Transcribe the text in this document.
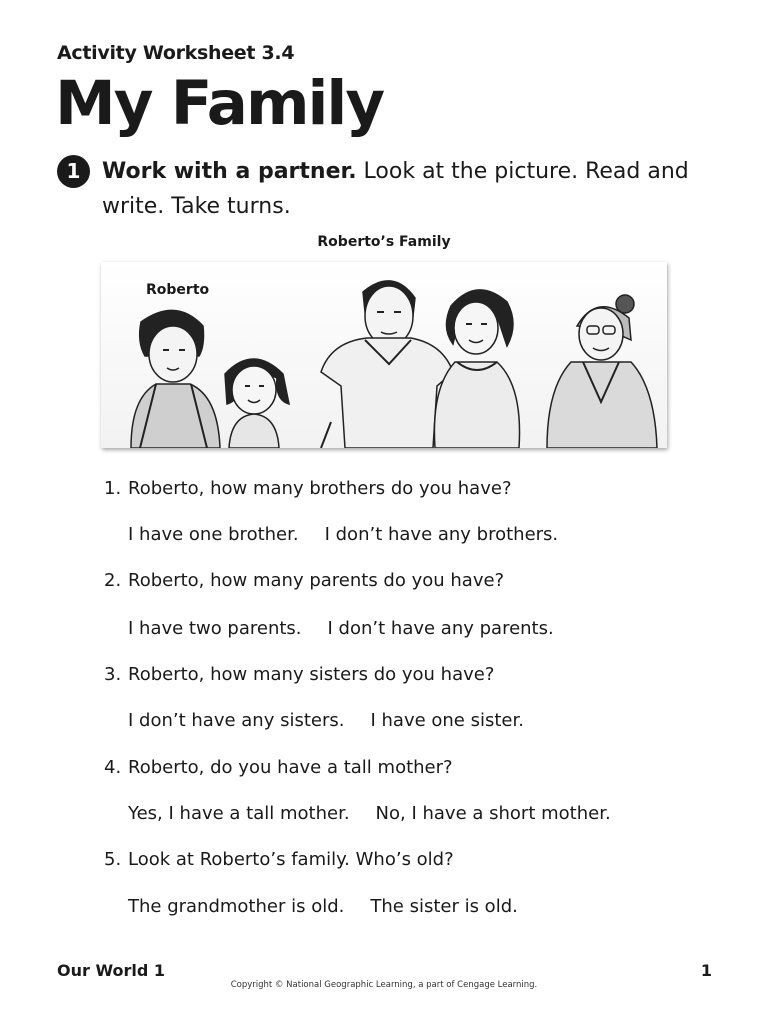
Activity Worksheet 3.4
My Family
1 Work with a partner. Look at the picture. Read and write. Take turns.
Roberto’s Family
Roberto
1. Roberto, how many brothers do you have?
I have one brother. I don’t have any brothers.
2. Roberto, how many parents do you have?
I have two parents. I don’t have any parents.
3. Roberto, how many sisters do you have?
I don’t have any sisters. I have one sister.
4. Roberto, do you have a tall mother?
Yes, I have a tall mother. No, I have a short mother.
5. Look at Roberto’s family. Who’s old?
The grandmother is old. The sister is old.
Our World 1	1
Copyright © National Geographic Learning, a part of Cengage Learning.
